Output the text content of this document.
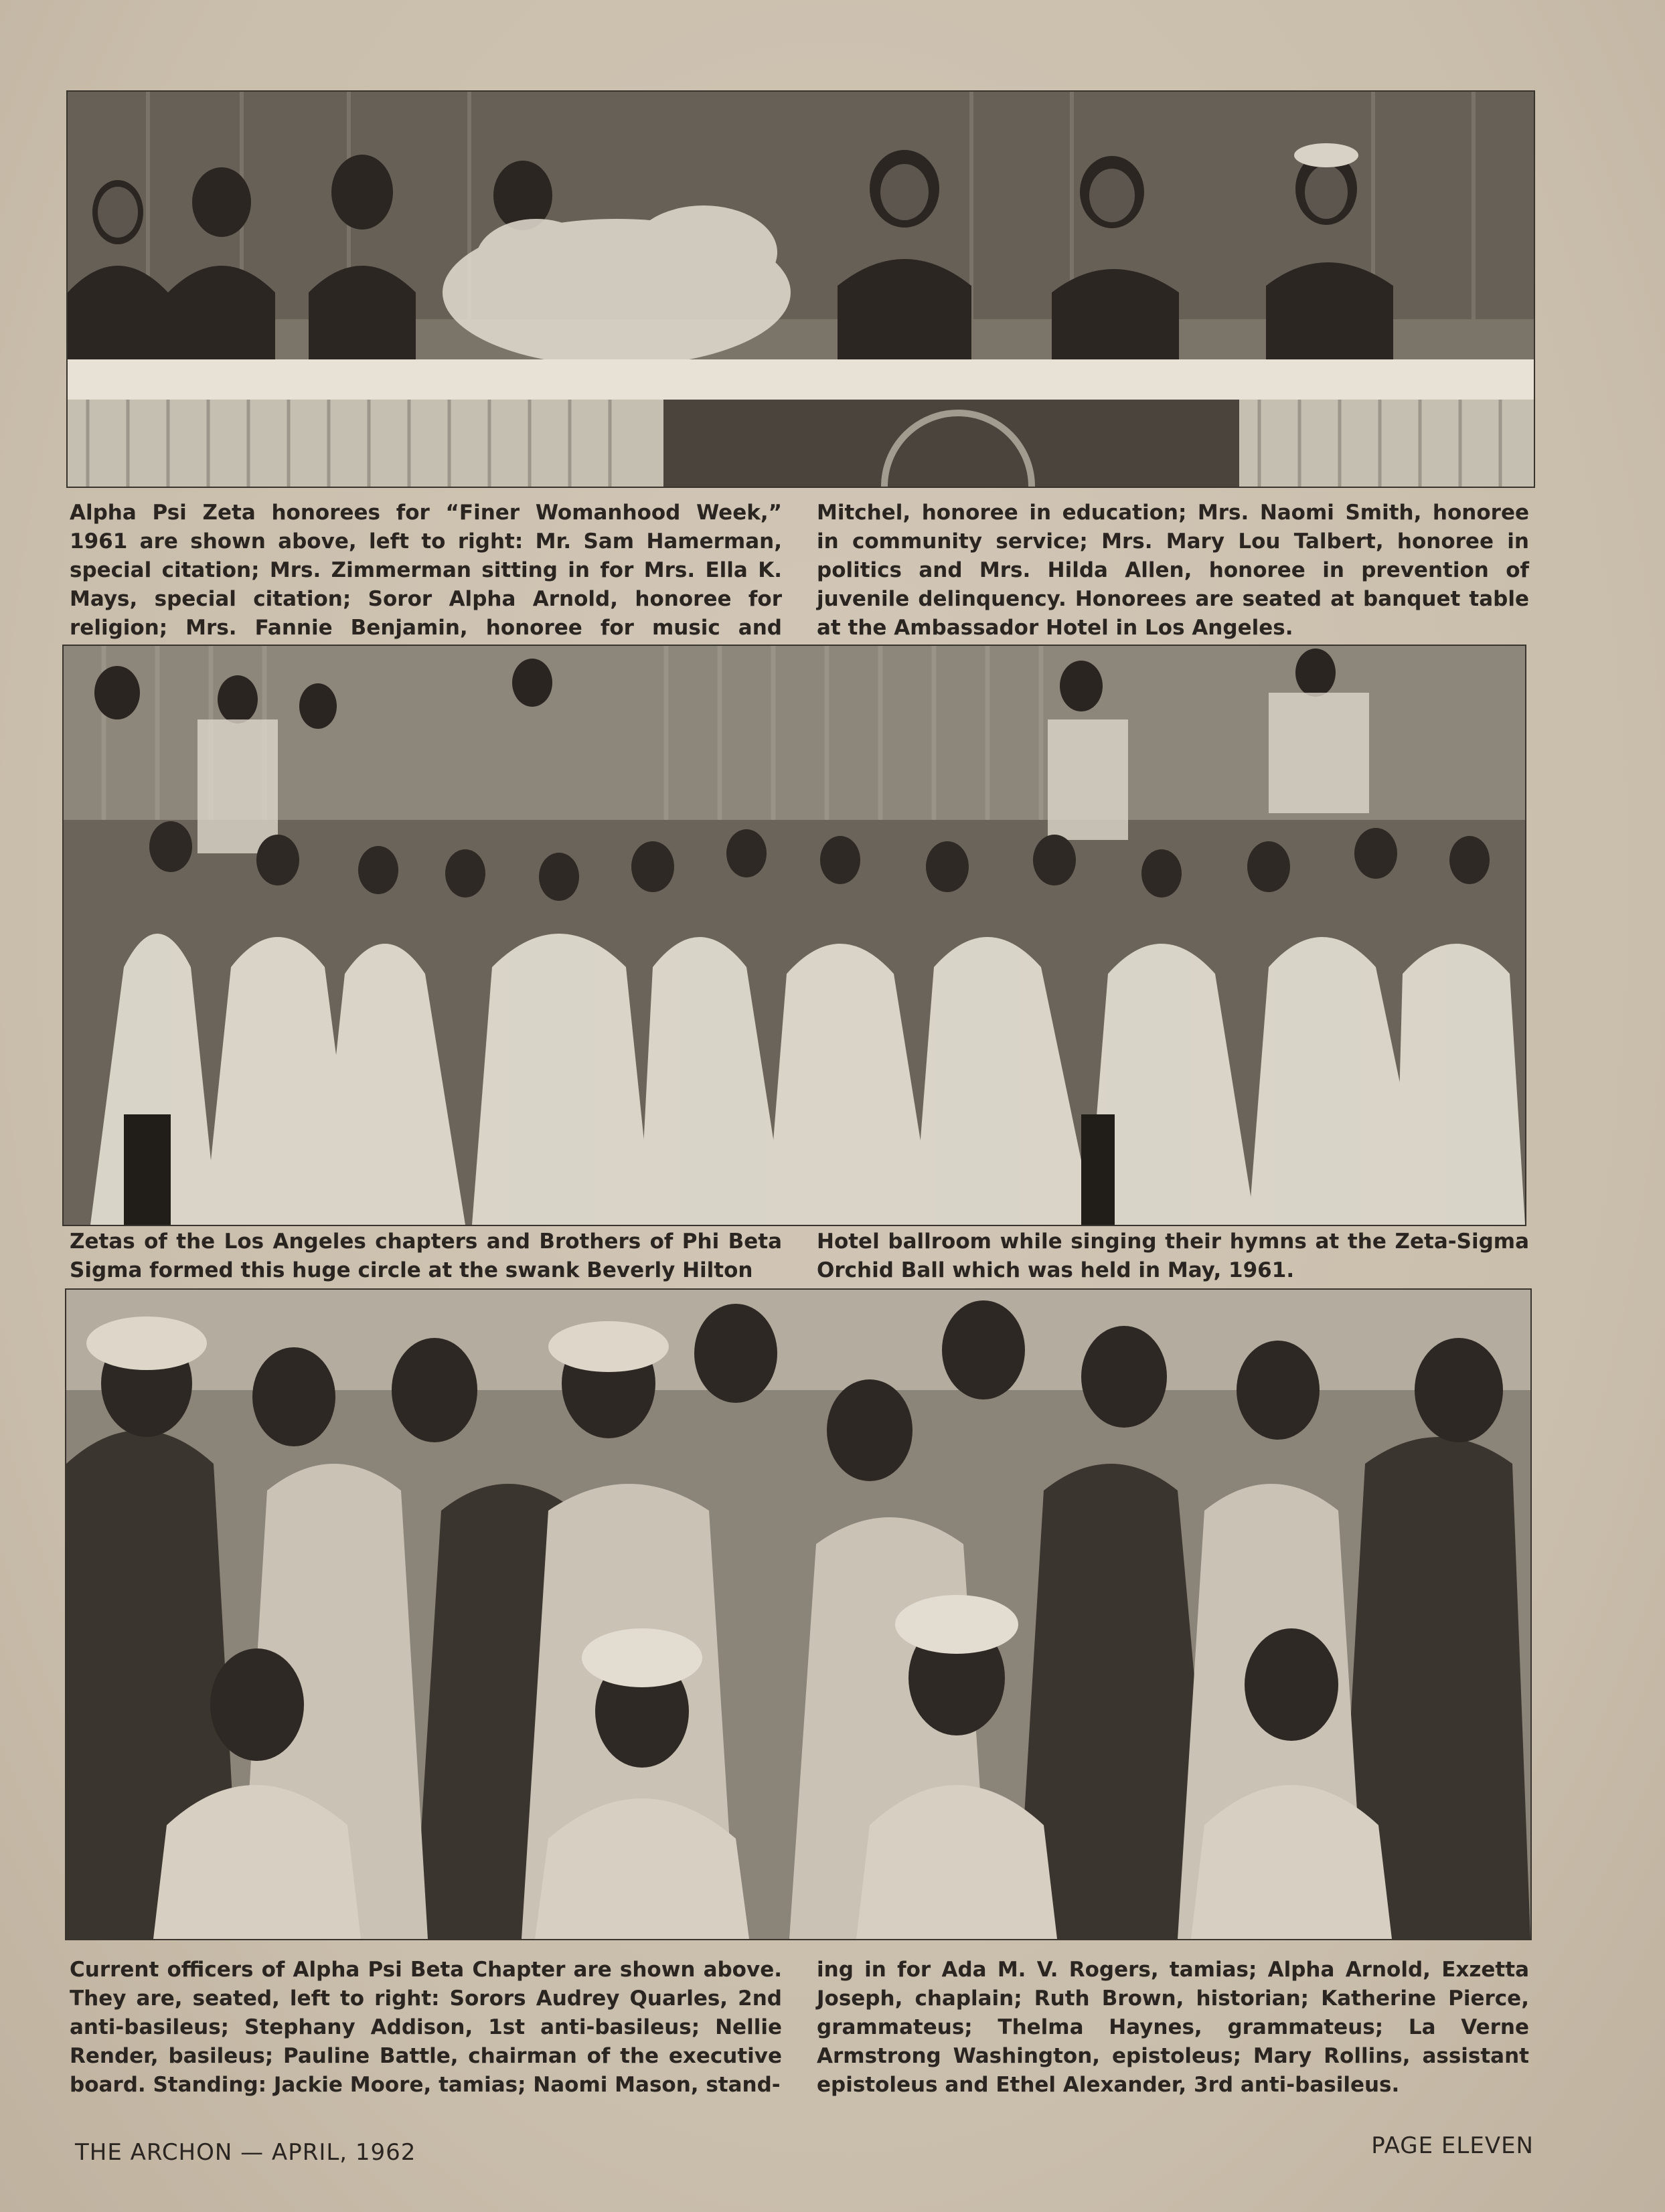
Alpha Psi Zeta honorees for “Finer Womanhood Week,” 1961 are shown above, left to right: Mr. Sam Hamerman, special citation; Mrs. Zimmerman sitting in for Mrs. Ella K. Mays, special citation; Soror Alpha Arnold, honoree for religion; Mrs. Fannie Benjamin, honoree for music and

Mitchel, honoree in education; Mrs. Naomi Smith, honoree in community service; Mrs. Mary Lou Talbert, honoree in politics and Mrs. Hilda Allen, honoree in prevention of juvenile delinquency. Honorees are seated at banquet table at the Ambassador Hotel in Los Angeles.

Zetas of the Los Angeles chapters and Brothers of Phi Beta Sigma formed this huge circle at the swank Beverly Hilton

Hotel ballroom while singing their hymns at the Zeta-Sigma Orchid Ball which was held in May, 1961.

Current officers of Alpha Psi Beta Chapter are shown above. They are, seated, left to right: Sorors Audrey Quarles, 2nd anti-basileus; Stephany Addison, 1st anti-basileus; Nellie Render, basileus; Pauline Battle, chairman of the executive board. Standing: Jackie Moore, tamias; Naomi Mason, stand-

ing in for Ada M. V. Rogers, tamias; Alpha Arnold, Exzetta Joseph, chaplain; Ruth Brown, historian; Katherine Pierce, grammateus; Thelma Haynes, grammateus; La Verne Armstrong Washington, epistoleus; Mary Rollins, assistant epistoleus and Ethel Alexander, 3rd anti-basileus.

THE ARCHON — APRIL, 1962	PAGE ELEVEN
